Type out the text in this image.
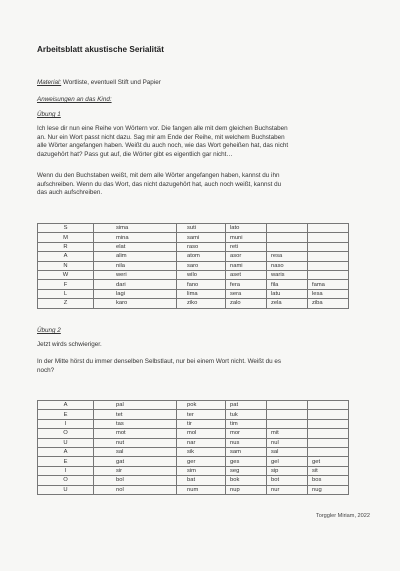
Arbeitsblatt akustische Serialität
Material: Wortliste, eventuell Stift und Papier
Anweisungen an das Kind:
Übung 1
Ich lese dir nun eine Reihe von Wörtern vor. Die fangen alle mit dem gleichen Buchstaben
an. Nur ein Wort passt nicht dazu. Sag mir am Ende der Reihe, mit welchem Buchstaben
alle Wörter angefangen haben. Weißt du auch noch, wie das Wort geheißen hat, das nicht
dazugehört hat? Pass gut auf, die Wörter gibt es eigentlich gar nicht…
Wenn du den Buchstaben weißt, mit dem alle Wörter angefangen haben, kannst du ihn
aufschreiben. Wenn du das Wort, das nicht dazugehört hat, auch noch weißt, kannst du
das auch aufschreiben.
S	sima	suti	lato		
M	mina	sami	muni		
R	elat	raso	reti		
A	alim	atom	asor	resa	
N	nila	saro	nami	naso	
W	weri	wilo	aset	waris	
F	dari	fano	fera	fila	fama
L	lagi	lima	sera	latu	lesa
Z	karo	ziko	zalo	zela	ziba
Übung 2
Jetzt wirds schwieriger.
In der Mitte hörst du immer denselben Selbstlaut, nur bei einem Wort nicht. Weißt du es
noch?
A	pal	pok	pat		
E	tet	ter	tuk		
I	tas	tir	tim		
O	mot	mol	mor	mit	
U	nut	nar	nus	nul	
A	sal	sik	sam	sal	
E	gat	ger	ges	gel	get
I	sir	sim	seg	sip	sit
O	bol	bat	bok	bot	bos
U	nol	num	nup	nur	nug
Torggler Miriam, 2022
